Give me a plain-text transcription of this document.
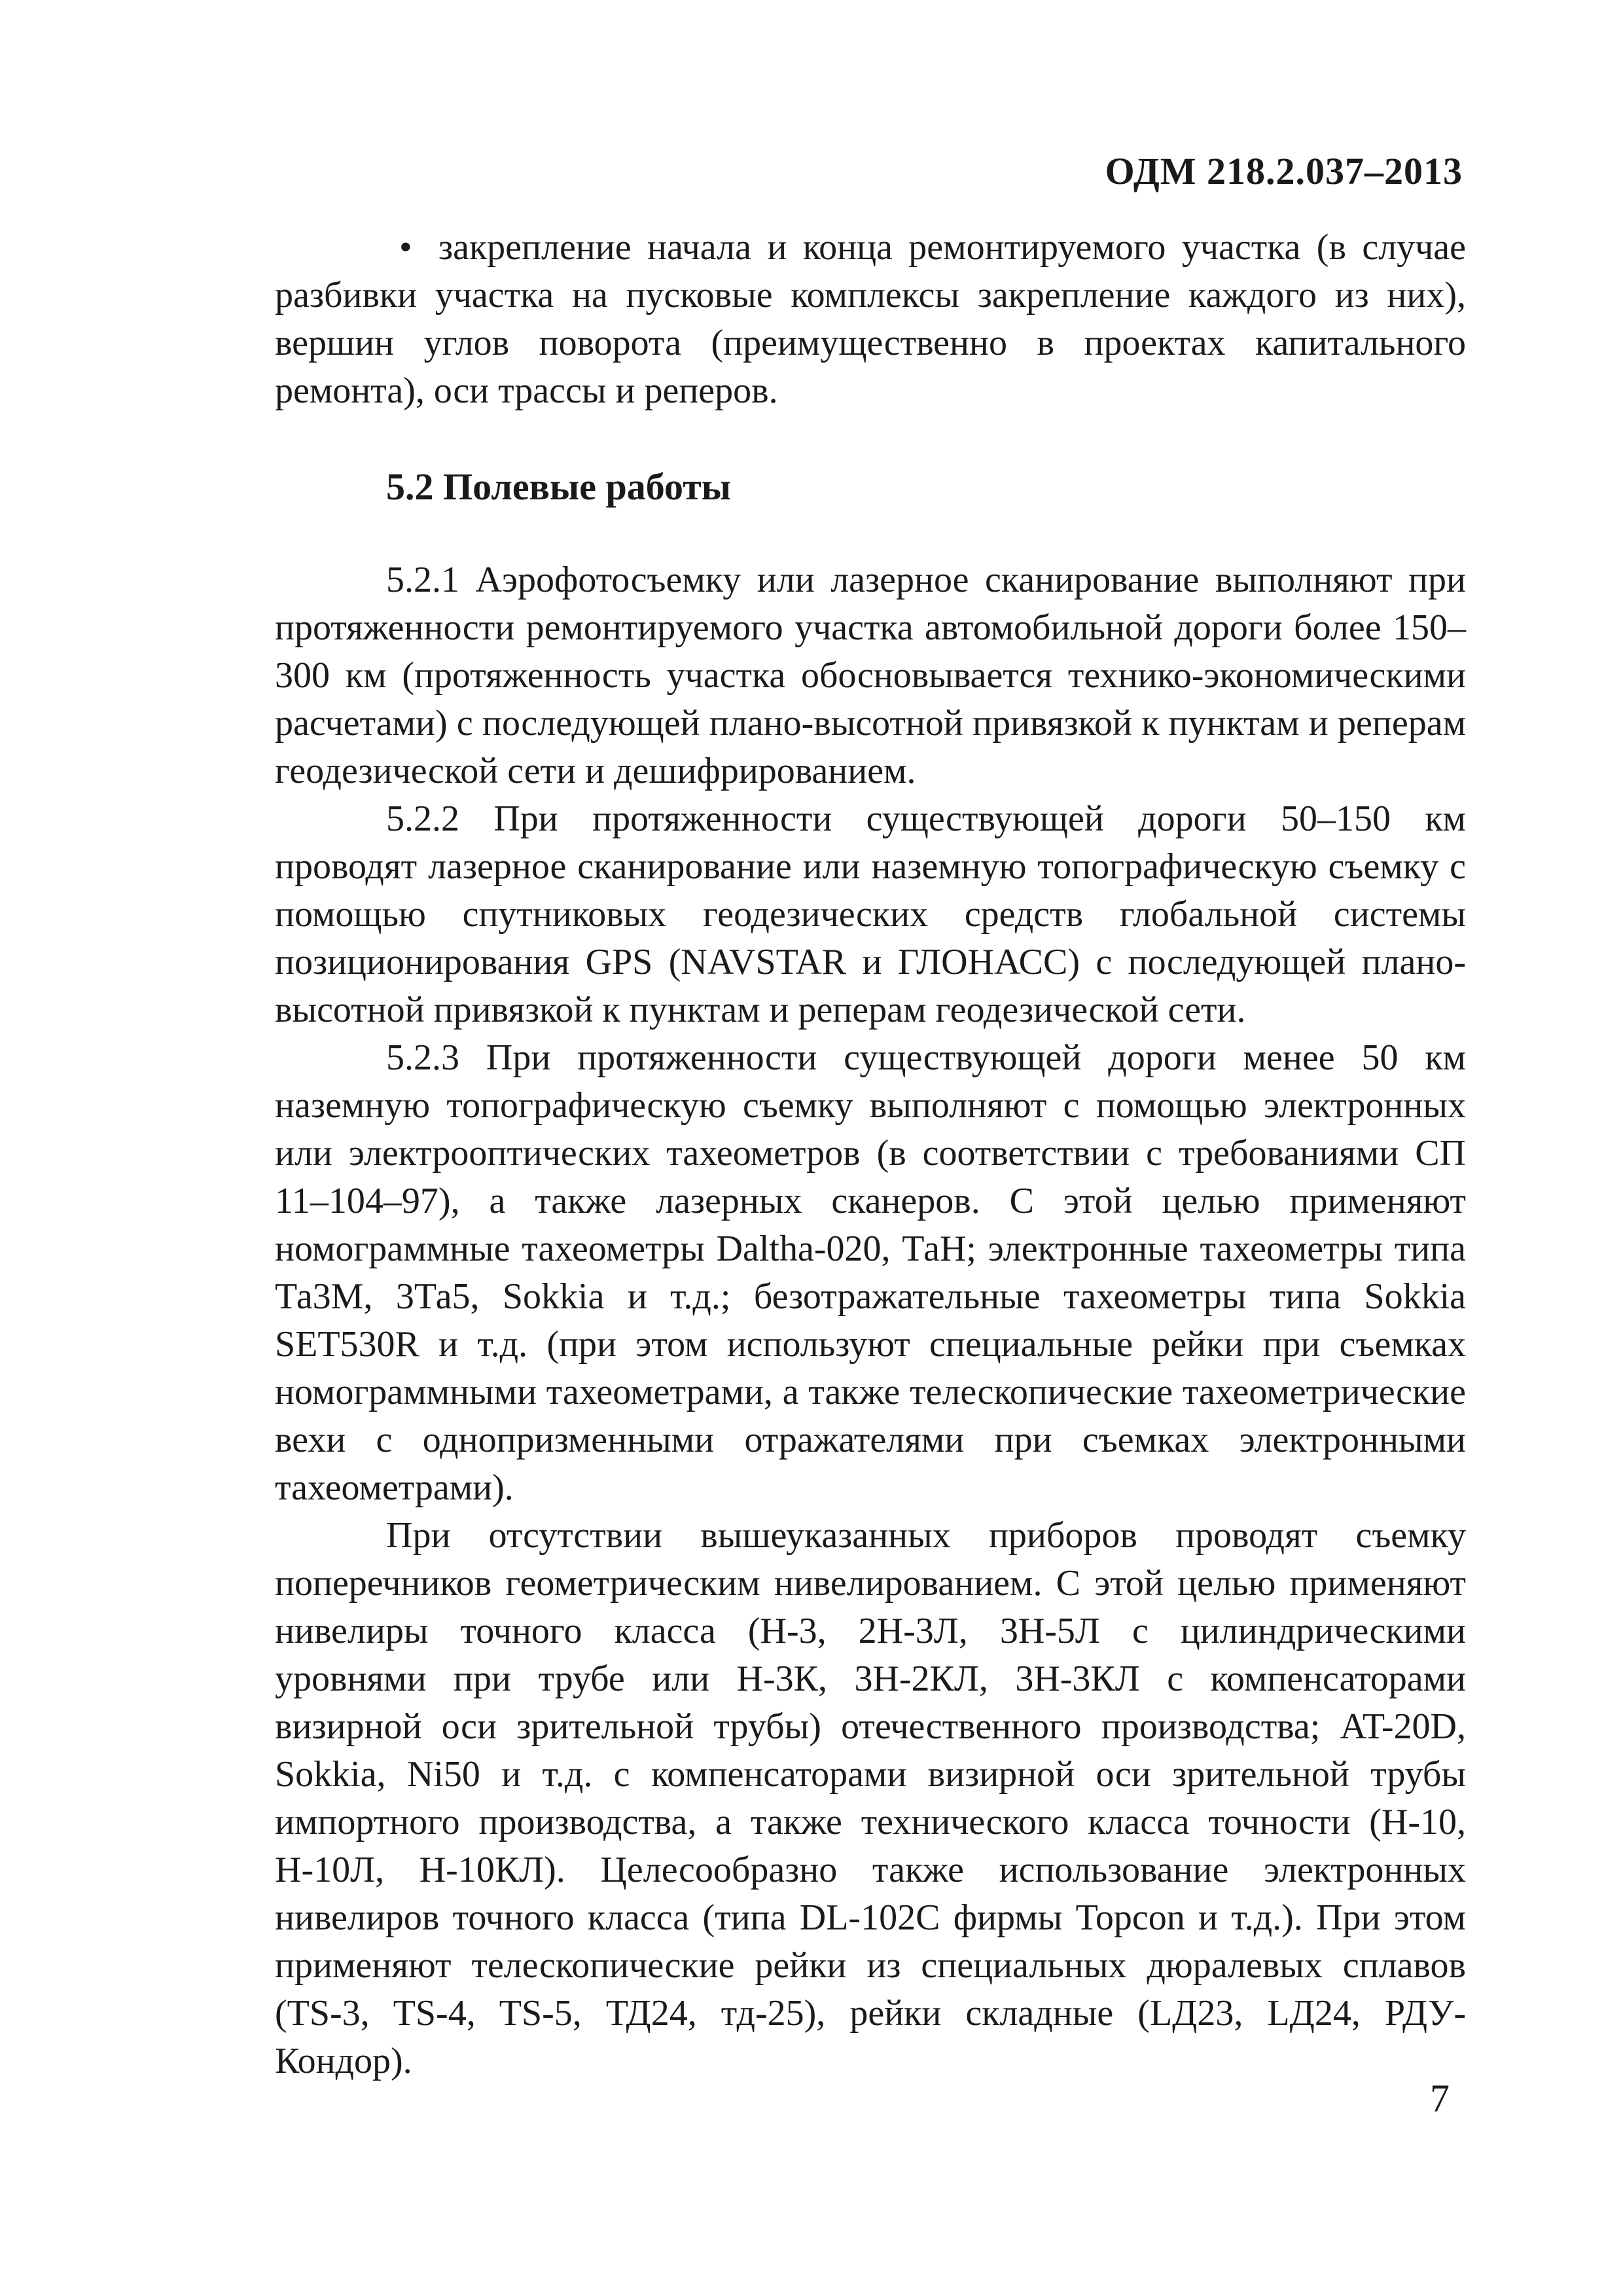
ОДМ 218.2.037–2013

• закрепление начала и конца ремонтируемого участка (в случае разбивки участка на пусковые комплексы закрепление каждого из них), вершин углов поворота (преимущественно в проектах капитального ремонта), оси трассы и реперов.

5.2 Полевые работы

5.2.1 Аэрофотосъемку или лазерное сканирование выполняют при протяженности ремонтируемого участка автомобильной дороги более 150–300 км (протяженность участка обосновывается технико-экономическими расчетами) с последующей плано-высотной привязкой к пунктам и реперам геодезической сети и дешифрированием.

5.2.2 При протяженности существующей дороги 50–150 км проводят лазерное сканирование или наземную топографическую съемку с помощью спутниковых геодезических средств глобальной системы позиционирования GPS (NAVSTAR и ГЛОНАСС) с последующей плано-высотной привязкой к пунктам и реперам геодезической сети.

5.2.3 При протяженности существующей дороги менее 50 км наземную топографическую съемку выполняют с помощью электронных или электрооптических тахеометров (в соответствии с требованиями СП 11–104–97), а также лазерных сканеров. С этой целью применяют номограммные тахеометры Daltha-020, ТаН; электронные тахеометры типа Та3М, 3Та5, Sokkia и т.д.; безотражательные тахеометры типа Sokkia SET530R и т.д. (при этом используют специальные рейки при съемках номограммными тахеометрами, а также телескопические тахеометрические вехи с однопризменными отражателями при съемках электронными тахеометрами).

При отсутствии вышеуказанных приборов проводят съемку поперечников геометрическим нивелированием. С этой целью применяют нивелиры точного класса (Н-3, 2Н-3Л, 3Н-5Л с цилиндрическими уровнями при трубе или Н-3К, 3Н-2КЛ, 3Н-3КЛ с компенсаторами визирной оси зрительной трубы) отечественного производства; AT-20D, Sokkia, Ni50 и т.д. с компенсаторами визирной оси зрительной трубы импортного производства, а также технического класса точности (Н-10, Н-10Л, Н-10КЛ). Целесообразно также использование электронных нивелиров точного класса (типа DL-102C фирмы Topcon и т.д.). При этом применяют телескопические рейки из специальных дюралевых сплавов (TS-3, TS-4, TS-5, ТД24, тд-25), рейки складные (LД23, LД24, РДУ-Кондор).

7
